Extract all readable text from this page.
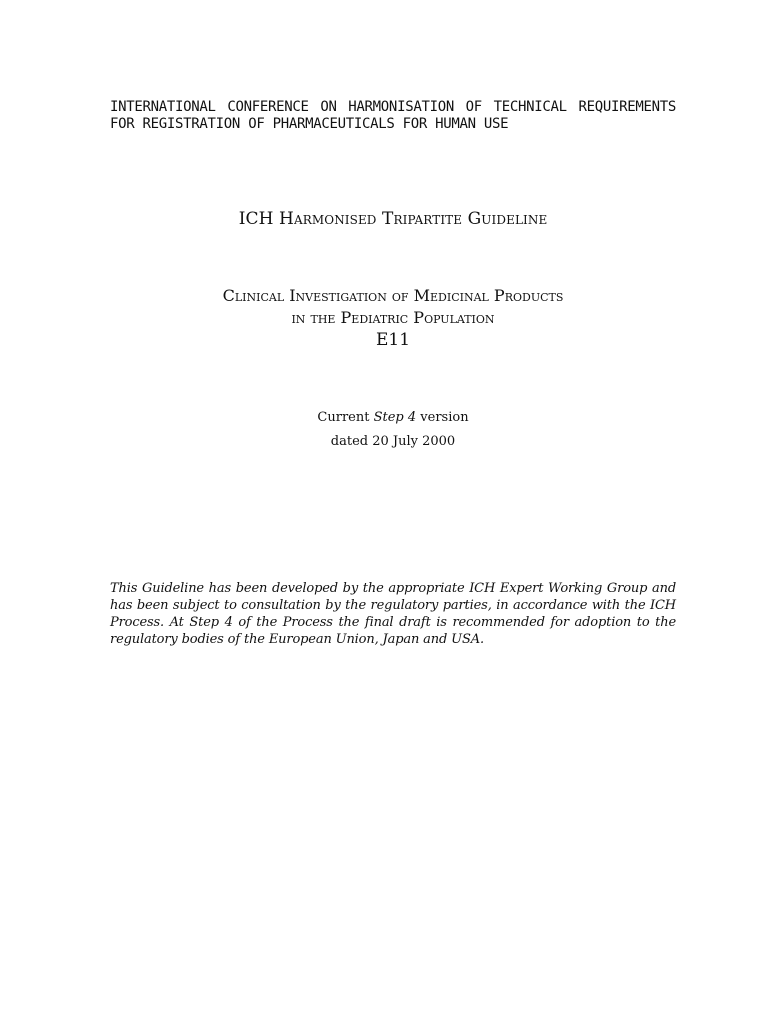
INTERNATIONAL CONFERENCE ON HARMONISATION OF TECHNICAL REQUIREMENTS FOR REGISTRATION OF PHARMACEUTICALS FOR HUMAN USE
ICH Harmonised Tripartite Guideline
Clinical Investigation of Medicinal Products
in the Pediatric Population
E11
Current Step 4 version
dated 20 July 2000
This Guideline has been developed by the appropriate ICH Expert Working Group and has been subject to consultation by the regulatory parties, in accordance with the ICH Process. At Step 4 of the Process the final draft is recommended for adoption to the regulatory bodies of the European Union, Japan and USA.
